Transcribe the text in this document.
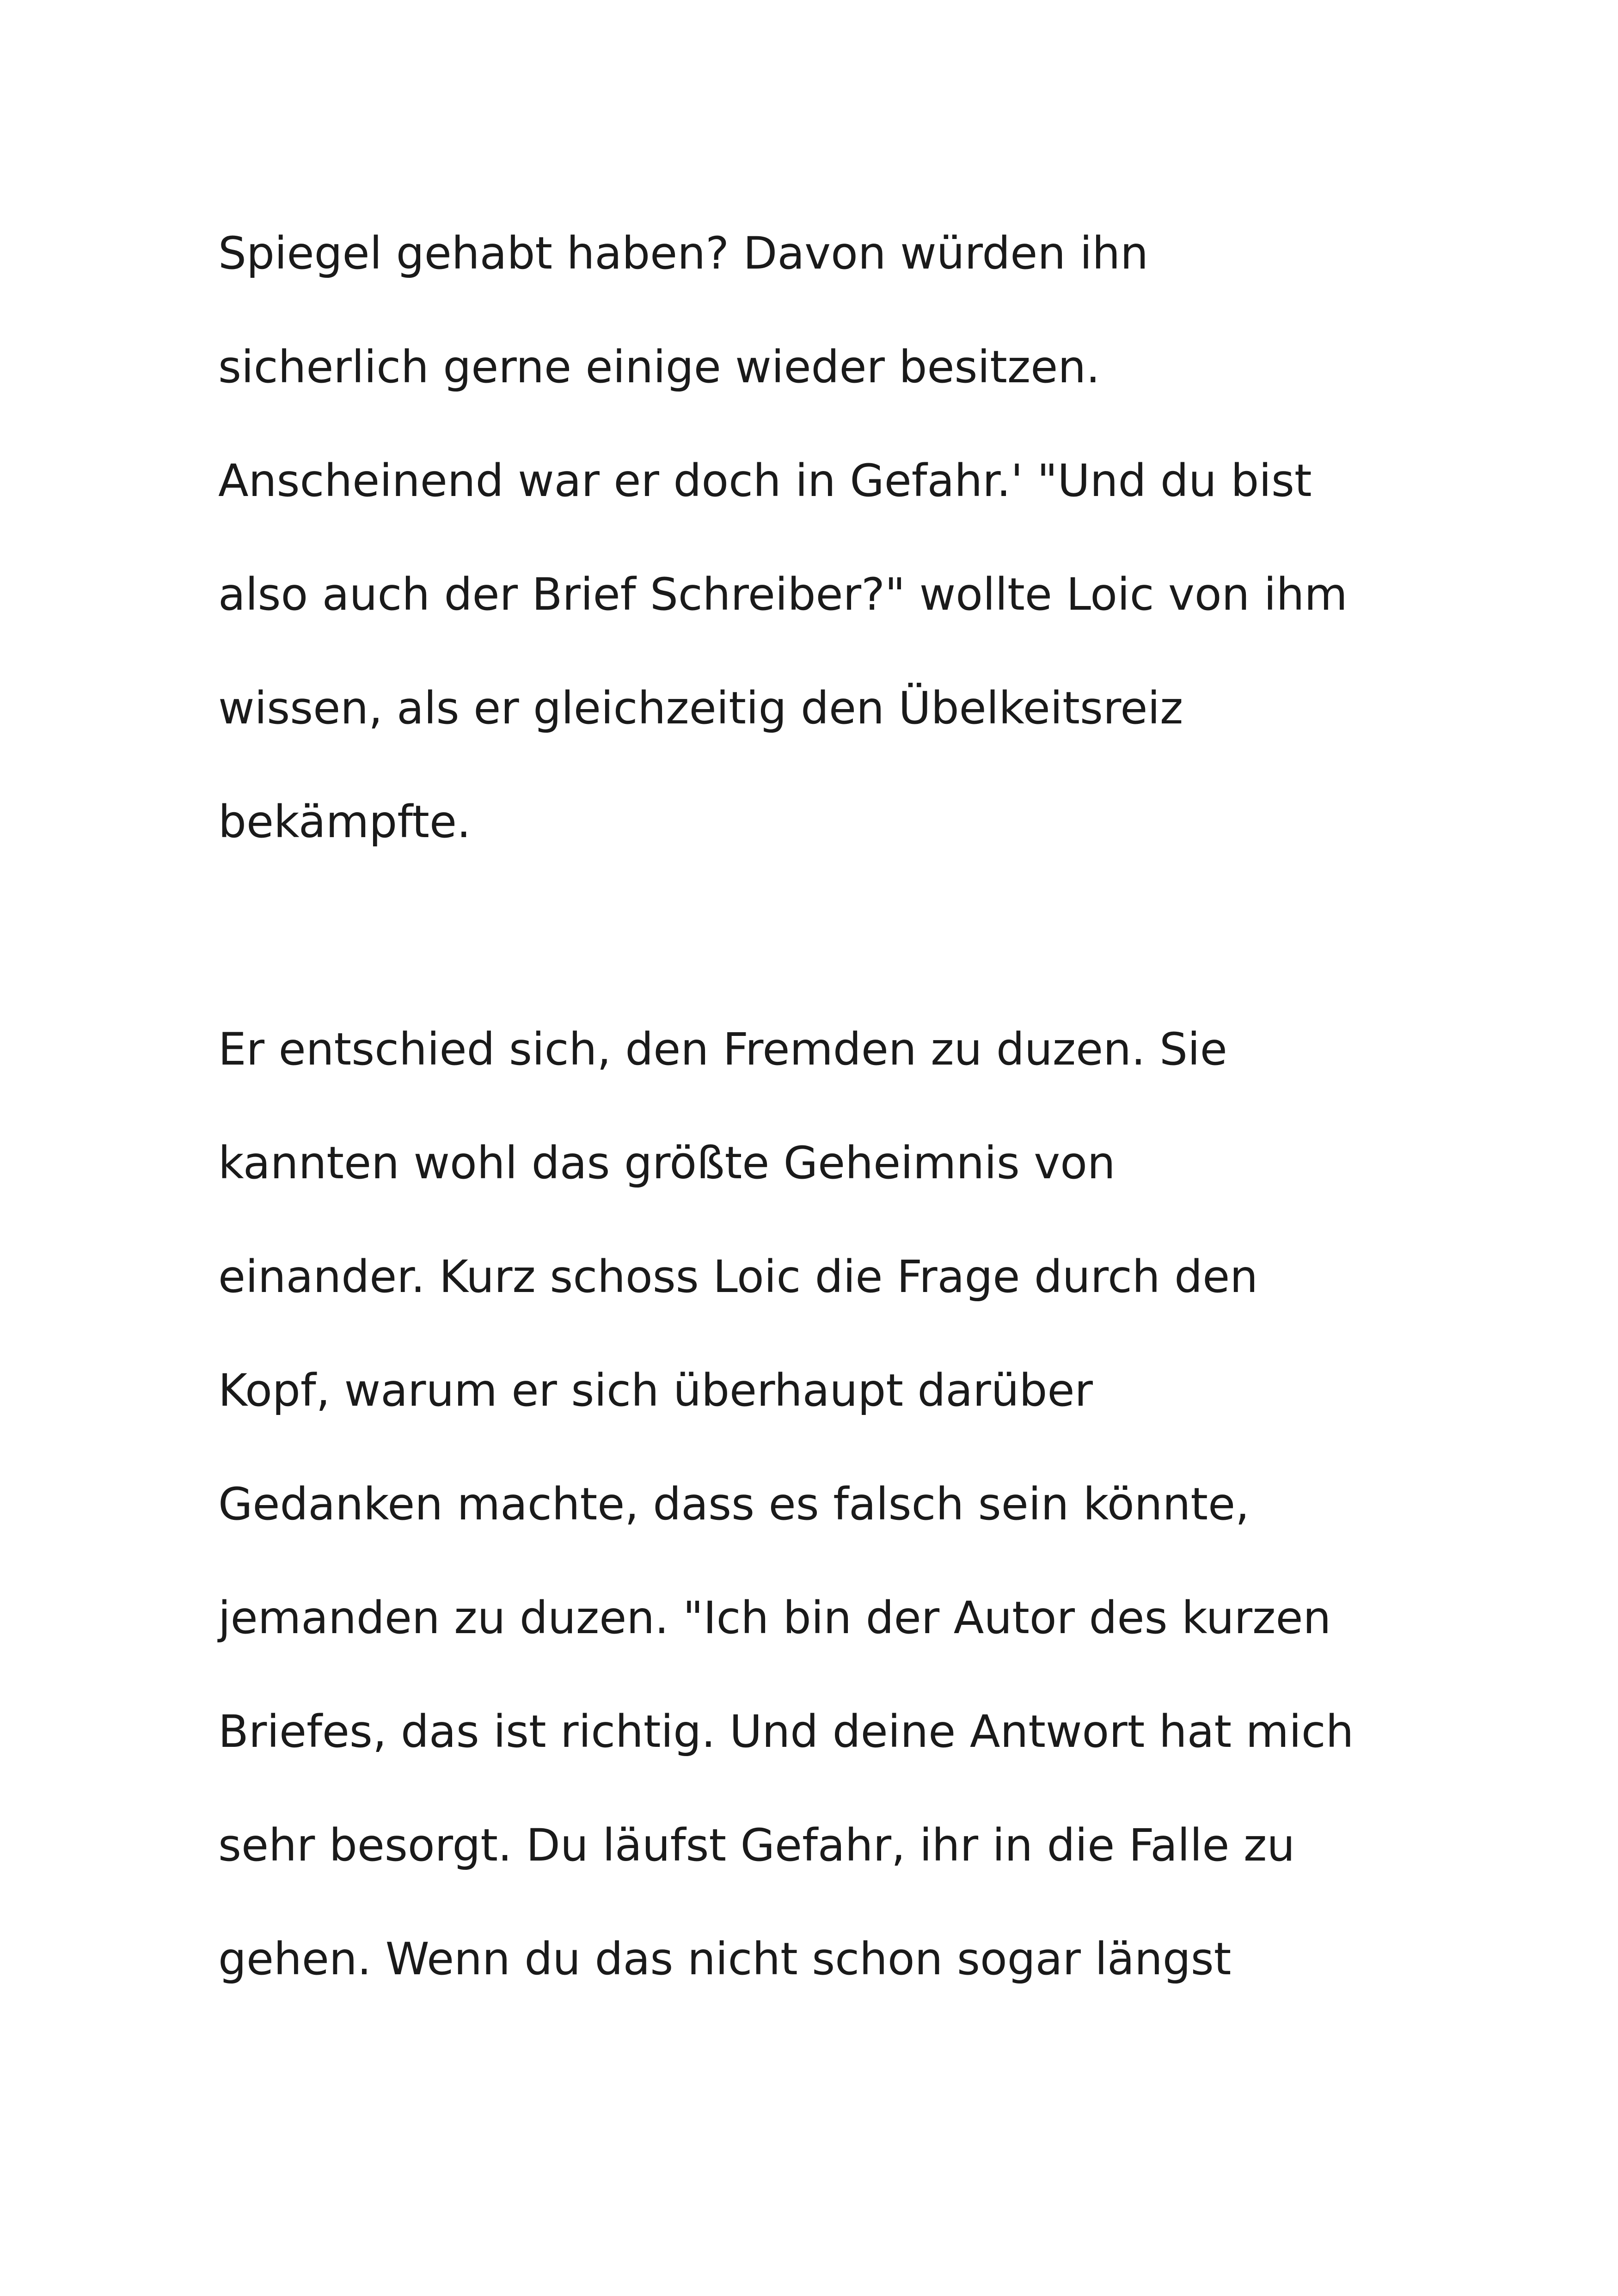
Spiegel gehabt haben? Davon würden ihn

sicherlich gerne einige wieder besitzen.

Anscheinend war er doch in Gefahr.' "Und du bist

also auch der Brief Schreiber?" wollte Loic von ihm

wissen, als er gleichzeitig den Übelkeitsreiz

bekämpfte.

Er entschied sich, den Fremden zu duzen. Sie

kannten wohl das größte Geheimnis von

einander. Kurz schoss Loic die Frage durch den

Kopf, warum er sich überhaupt darüber

Gedanken machte, dass es falsch sein könnte,

jemanden zu duzen. "Ich bin der Autor des kurzen

Briefes, das ist richtig. Und deine Antwort hat mich

sehr besorgt. Du läufst Gefahr, ihr in die Falle zu

gehen. Wenn du das nicht schon sogar längst
